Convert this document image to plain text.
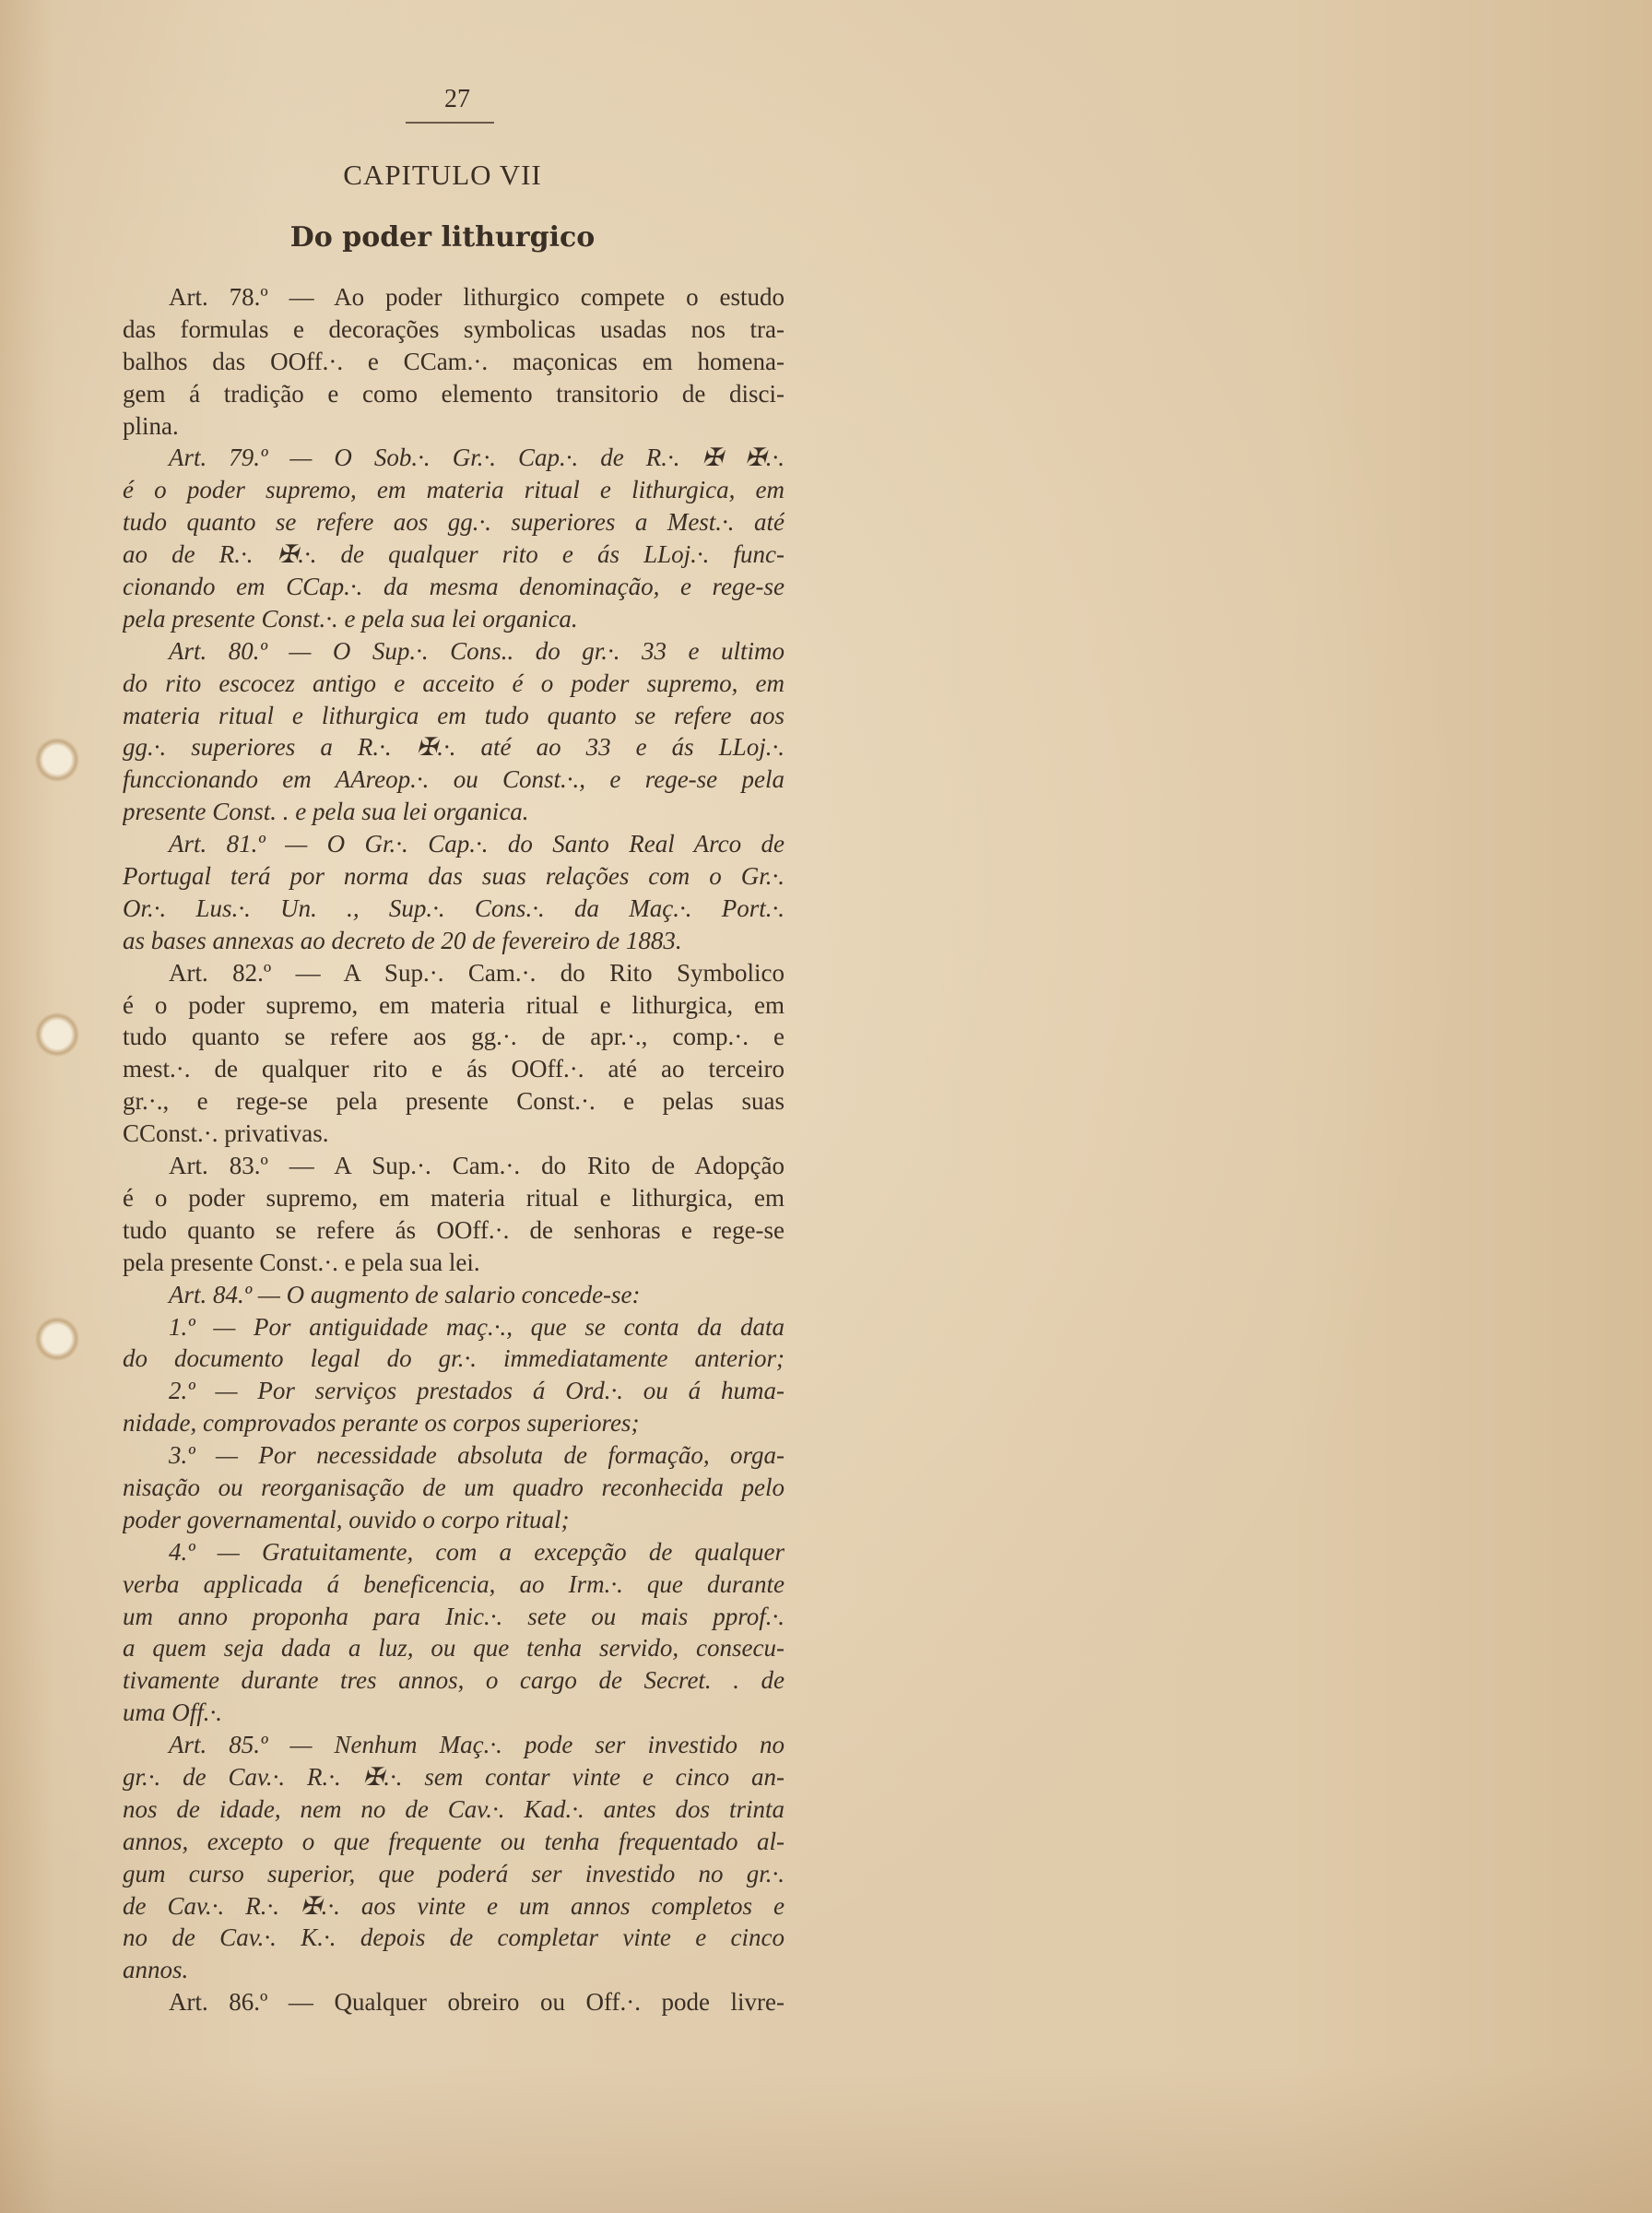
27
CAPITULO VII
Do poder lithurgico
Art. 78.º — Ao poder lithurgico compete o estudo
das formulas e decorações symbolicas usadas nos tra-
balhos das OOff.·. e CCam.·. maçonicas em homena-
gem á tradição e como elemento transitorio de disci-
plina.
Art. 79.º — O Sob.·. Gr.·. Cap.·. de R.·. ✠ ✠.·.
é o poder supremo, em materia ritual e lithurgica, em
tudo quanto se refere aos gg.·. superiores a Mest.·. até
ao de R.·. ✠.·. de qualquer rito e ás LLoj.·. func-
cionando em CCap.·. da mesma denominação, e rege-se
pela presente Const.·. e pela sua lei organica.
Art. 80.º — O Sup.·. Cons.. do gr.·. 33 e ultimo
do rito escocez antigo e acceito é o poder supremo, em
materia ritual e lithurgica em tudo quanto se refere aos
gg.·. superiores a R.·. ✠.·. até ao 33 e ás LLoj.·.
funccionando em AAreop.·. ou Const.·., e rege-se pela
presente Const. . e pela sua lei organica.
Art. 81.º — O Gr.·. Cap.·. do Santo Real Arco de
Portugal terá por norma das suas relações com o Gr.·.
Or.·. Lus.·. Un. ., Sup.·. Cons.·. da Maç.·. Port.·.
as bases annexas ao decreto de 20 de fevereiro de 1883.
Art. 82.º — A Sup.·. Cam.·. do Rito Symbolico
é o poder supremo, em materia ritual e lithurgica, em
tudo quanto se refere aos gg.·. de apr.·., comp.·. e
mest.·. de qualquer rito e ás OOff.·. até ao terceiro
gr.·., e rege-se pela presente Const.·. e pelas suas
CConst.·. privativas.
Art. 83.º — A Sup.·. Cam.·. do Rito de Adopção
é o poder supremo, em materia ritual e lithurgica, em
tudo quanto se refere ás OOff.·. de senhoras e rege-se
pela presente Const.·. e pela sua lei.
Art. 84.º — O augmento de salario concede-se:
1.º — Por antiguidade maç.·., que se conta da data
do documento legal do gr.·. immediatamente anterior;
2.º — Por serviços prestados á Ord.·. ou á huma-
nidade, comprovados perante os corpos superiores;
3.º — Por necessidade absoluta de formação, orga-
nisação ou reorganisação de um quadro reconhecida pelo
poder governamental, ouvido o corpo ritual;
4.º — Gratuitamente, com a excepção de qualquer
verba applicada á beneficencia, ao Irm.·. que durante
um anno proponha para Inic.·. sete ou mais pprof.·.
a quem seja dada a luz, ou que tenha servido, consecu-
tivamente durante tres annos, o cargo de Secret. . de
uma Off.·.
Art. 85.º — Nenhum Maç.·. pode ser investido no
gr.·. de Cav.·. R.·. ✠.·. sem contar vinte e cinco an-
nos de idade, nem no de Cav.·. Kad.·. antes dos trinta
annos, excepto o que frequente ou tenha frequentado al-
gum curso superior, que poderá ser investido no gr.·.
de Cav.·. R.·. ✠.·. aos vinte e um annos completos e
no de Cav.·. K.·. depois de completar vinte e cinco
annos.
Art. 86.º — Qualquer obreiro ou Off.·. pode livre-
